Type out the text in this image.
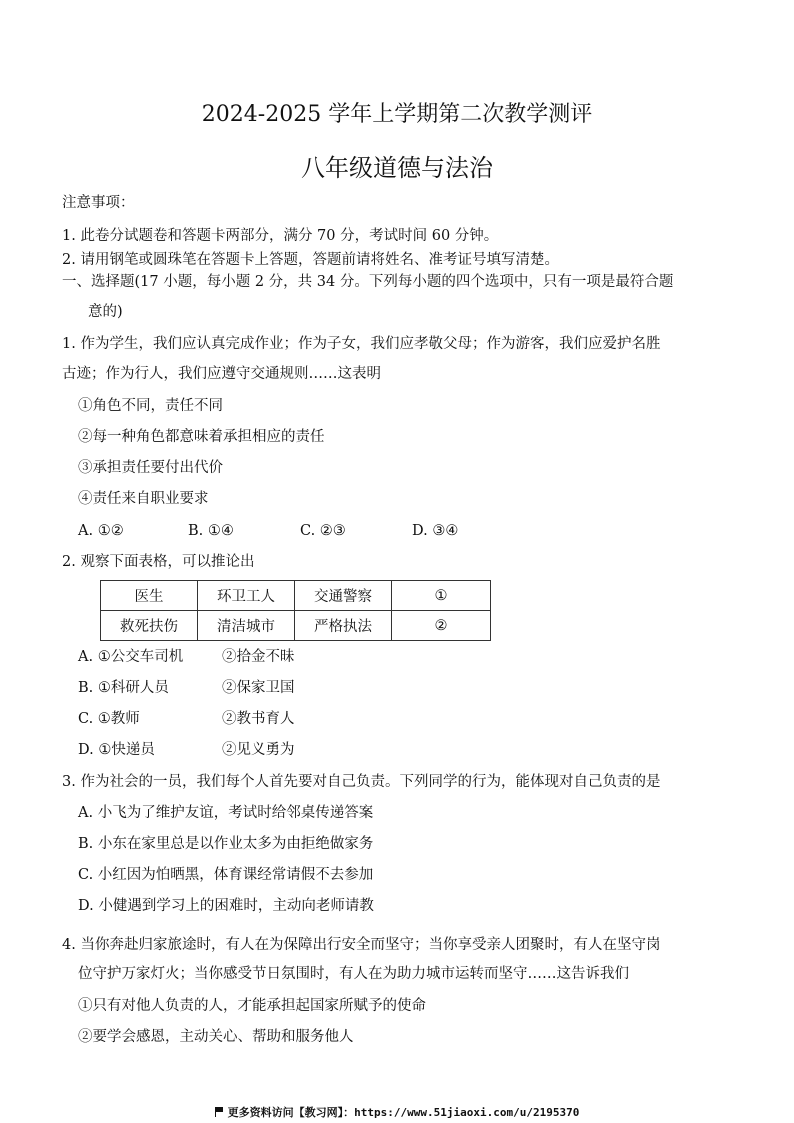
2024-2025 学年上学期第二次教学测评
八年级道德与法治
注意事项：
1. 此卷分试题卷和答题卡两部分，满分 70 分，考试时间 60 分钟。
2. 请用钢笔或圆珠笔在答题卡上答题，答题前请将姓名、准考证号填写清楚。
一、选择题(17 小题，每小题 2 分，共 34 分。下列每小题的四个选项中，只有一项是最符合题
意的)
1. 作为学生，我们应认真完成作业；作为子女，我们应孝敬父母；作为游客，我们应爱护名胜
古迹；作为行人，我们应遵守交通规则……这表明
①角色不同，责任不同
②每一种角色都意味着承担相应的责任
③承担责任要付出代价
④责任来自职业要求
A. ①②	B. ①④	C. ②③	D. ③④
2. 观察下面表格，可以推论出
医生	环卫工人	交通警察	①
救死扶伤	清洁城市	严格执法	②
A. ①公交车司机	②拾金不昧
B. ①科研人员	②保家卫国
C. ①教师	②教书育人
D. ①快递员	②见义勇为
3. 作为社会的一员，我们每个人首先要对自己负责。下列同学的行为，能体现对自己负责的是
A. 小飞为了维护友谊，考试时给邻桌传递答案
B. 小东在家里总是以作业太多为由拒绝做家务
C. 小红因为怕晒黑，体育课经常请假不去参加
D. 小健遇到学习上的困难时，主动向老师请教
4. 当你奔赴归家旅途时，有人在为保障出行安全而坚守；当你享受亲人团聚时，有人在坚守岗
位守护万家灯火；当你感受节日氛围时，有人在为助力城市运转而坚守……这告诉我们
①只有对他人负责的人，才能承担起国家所赋予的使命
②要学会感恩，主动关心、帮助和服务他人
更多资料访问【教习网】：https://www.51jiaoxi.com/u/2195370
